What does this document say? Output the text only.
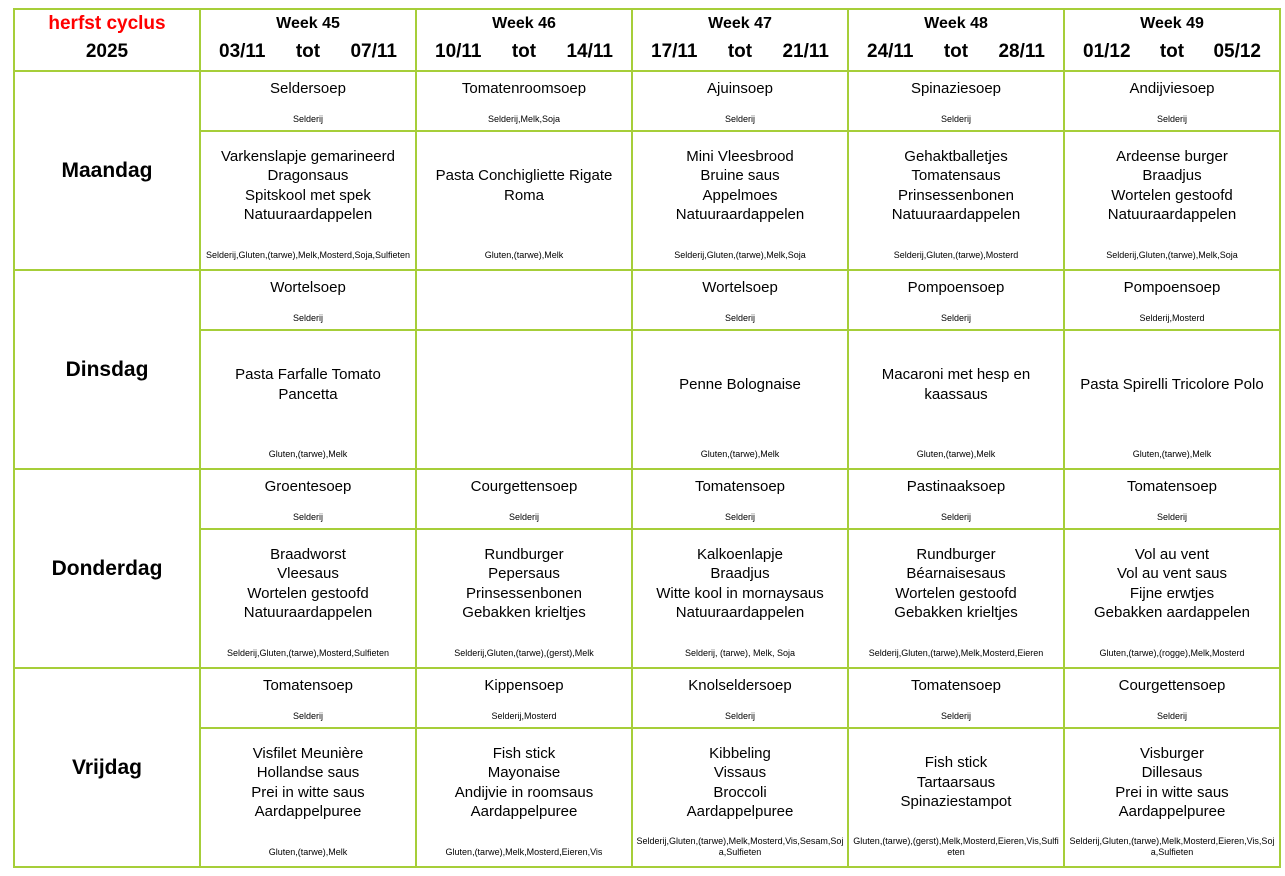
herfst cyclus
2025
Week 45
03/11 tot 07/11
Week 46
10/11 tot 14/11
Week 47
17/11 tot 21/11
Week 48
24/11 tot 28/11
Week 49
01/12 tot 05/12
Maandag
Seldersoep
Selderij
Tomatenroomsoep
Selderij,Melk,Soja
Ajuinsoep
Selderij
Spinaziesoep
Selderij
Andijviesoep
Selderij
Varkenslapje gemarineerd
Dragonsaus
Spitskool met spek
Natuuraardappelen
Selderij,Gluten,(tarwe),Melk,Mosterd,Soja,Sulfieten
Pasta Conchigliette Rigate
Roma
Gluten,(tarwe),Melk
Mini Vleesbrood
Bruine saus
Appelmoes
Natuuraardappelen
Selderij,Gluten,(tarwe),Melk,Soja
Gehaktballetjes
Tomatensaus
Prinsessenbonen
Natuuraardappelen
Selderij,Gluten,(tarwe),Mosterd
Ardeense burger
Braadjus
Wortelen gestoofd
Natuuraardappelen
Selderij,Gluten,(tarwe),Melk,Soja
Dinsdag
Wortelsoep
Selderij
Wortelsoep
Selderij
Pompoensoep
Selderij
Pompoensoep
Selderij,Mosterd
Pasta Farfalle Tomato
Pancetta
Gluten,(tarwe),Melk
Penne Bolognaise
Gluten,(tarwe),Melk
Macaroni met hesp en
kaassaus
Gluten,(tarwe),Melk
Pasta Spirelli Tricolore Polo
Gluten,(tarwe),Melk
Donderdag
Groentesoep
Selderij
Courgettensoep
Selderij
Tomatensoep
Selderij
Pastinaaksoep
Selderij
Tomatensoep
Selderij
Braadworst
Vleesaus
Wortelen gestoofd
Natuuraardappelen
Selderij,Gluten,(tarwe),Mosterd,Sulfieten
Rundburger
Pepersaus
Prinsessenbonen
Gebakken krieltjes
Selderij,Gluten,(tarwe),(gerst),Melk
Kalkoenlapje
Braadjus
Witte kool in mornaysaus
Natuuraardappelen
Selderij, (tarwe), Melk, Soja
Rundburger
Béarnaisesaus
Wortelen gestoofd
Gebakken krieltjes
Selderij,Gluten,(tarwe),Melk,Mosterd,Eieren
Vol au vent
Vol au vent saus
Fijne erwtjes
Gebakken aardappelen
Gluten,(tarwe),(rogge),Melk,Mosterd
Vrijdag
Tomatensoep
Selderij
Kippensoep
Selderij,Mosterd
Knolseldersoep
Selderij
Tomatensoep
Selderij
Courgettensoep
Selderij
Visfilet Meunière
Hollandse saus
Prei in witte saus
Aardappelpuree
Gluten,(tarwe),Melk
Fish stick
Mayonaise
Andijvie in roomsaus
Aardappelpuree
Gluten,(tarwe),Melk,Mosterd,Eieren,Vis
Kibbeling
Vissaus
Broccoli
Aardappelpuree
Selderij,Gluten,(tarwe),Melk,Mosterd,Vis,Sesam,Soja,Sulfieten
Fish stick
Tartaarsaus
Spinaziestampot
Gluten,(tarwe),(gerst),Melk,Mosterd,Eieren,Vis,Sulfieten
Visburger
Dillesaus
Prei in witte saus
Aardappelpuree
Selderij,Gluten,(tarwe),Melk,Mosterd,Eieren,Vis,Soja,Sulfieten
